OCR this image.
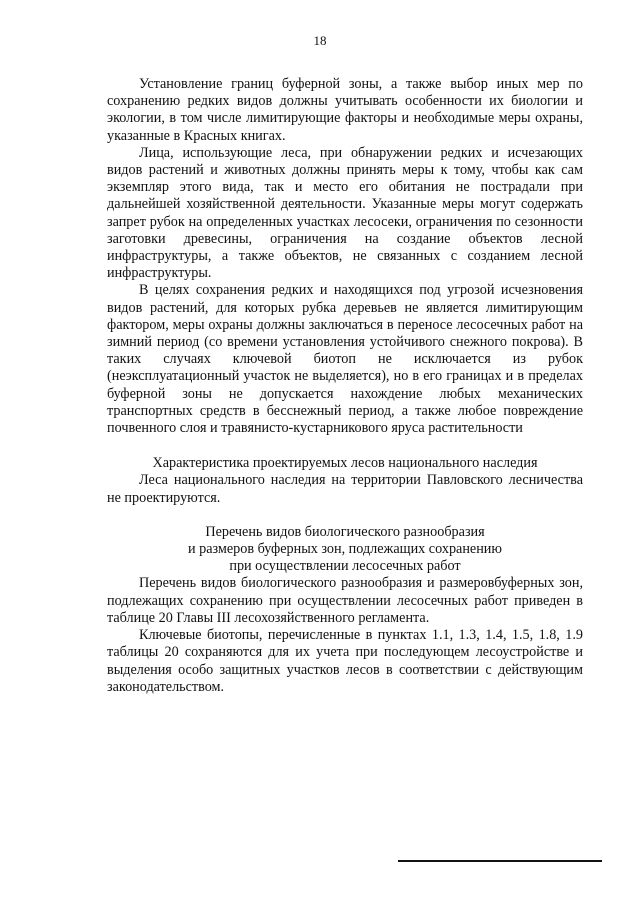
18

Установление границ буферной зоны, а также выбор иных мер по сохранению редких видов должны учитывать особенности их биологии и экологии, в том числе лимитирующие факторы и необходимые меры охраны, указанные в Красных книгах.

Лица, использующие леса, при обнаружении редких и исчезающих видов растений и животных должны принять меры к тому, чтобы как сам экземпляр этого вида, так и место его обитания не пострадали при дальнейшей хозяйственной деятельности. Указанные меры могут содержать запрет рубок на определенных участках лесосеки, ограничения по сезонности заготовки древесины, ограничения на создание объектов лесной инфраструктуры, а также объектов, не связанных с созданием лесной инфраструктуры.

В целях сохранения редких и находящихся под угрозой исчезновения видов растений, для которых рубка деревьев не является лимитирующим фактором, меры охраны должны заключаться в переносе лесосечных работ на зимний период (со времени установления устойчивого снежного покрова). В таких случаях ключевой биотоп не исключается из рубок (неэксплуатационный участок не выделяется), но в его границах и в пределах буферной зоны не допускается нахождение любых механических транспортных средств в бесснежный период, а также любое повреждение почвенного слоя и травянисто-кустарникового яруса растительности

Характеристика проектируемых лесов национального наследия

Леса национального наследия на территории Павловского лесничества не проектируются.

Перечень видов биологического разнообразия
и размеров буферных зон, подлежащих сохранению
при осуществлении лесосечных работ

Перечень видов биологического разнообразия и размеровбуферных зон, подлежащих сохранению при осуществлении лесосечных работ приведен в таблице 20 Главы III лесохозяйственного регламента.

Ключевые биотопы, перечисленные в пунктах 1.1, 1.3, 1.4, 1.5, 1.8, 1.9 таблицы 20 сохраняются для их учета при последующем лесоустройстве и выделения особо защитных участков лесов в соответствии с действующим законодательством.
